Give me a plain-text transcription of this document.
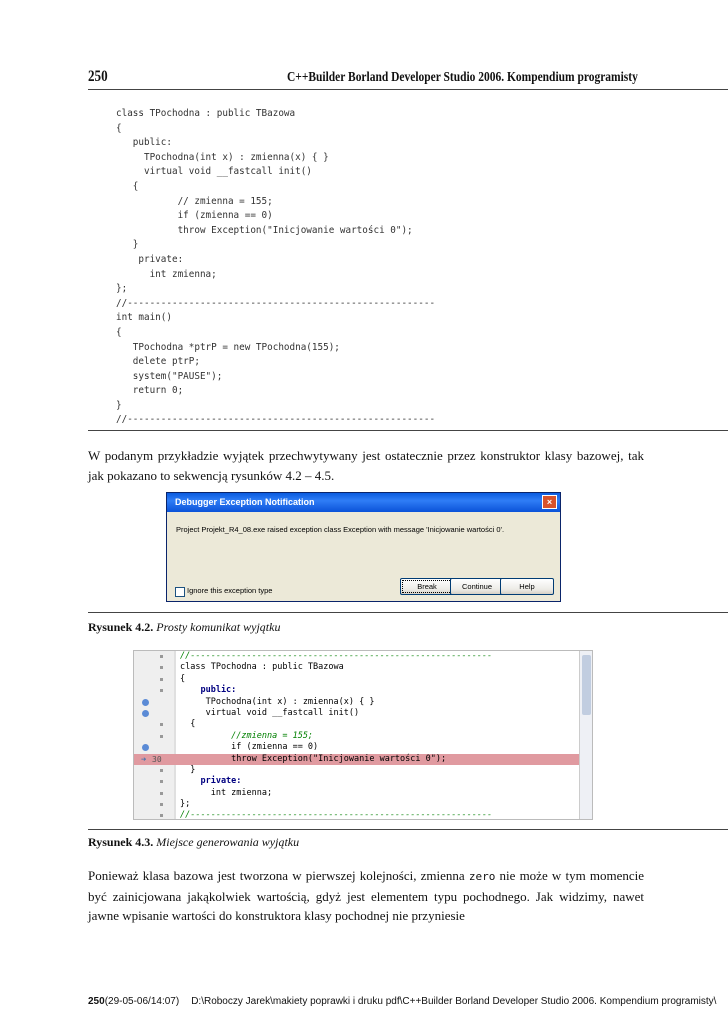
250	C++Builder Borland Developer Studio 2006. Kompendium programisty
class TPochodna : public TBazowa
{
public:
TPochodna(int x) : zmienna(x) { }
virtual void __fastcall init()
{
// zmienna = 155;
if (zmienna == 0)
throw Exception("Inicjowanie wartości 0");
}
private:
int zmienna;
};
//-------------------------------------------------------
int main()
{
TPochodna *ptrP = new TPochodna(155);
delete ptrP;
system("PAUSE");
return 0;
}
//-------------------------------------------------------

W podanym przykładzie wyjątek przechwytywany jest ostatecznie przez konstruktor klasy bazowej, tak jak pokazano to sekwencją rysunków 4.2 – 4.5.

Debugger Exception Notification	×
Project Projekt_R4_08.exe raised exception class Exception with message 'Inicjowanie wartości 0'.
Ignore this exception type	Break	Continue	Help
Rysunek 4.2. Prosty komunikat wyjątku
//-----------------------------------------------------------
class TPochodna : public TBazowa
{
public:
TPochodna(int x) : zmienna(x) { }
virtual void __fastcall init()
{
//zmienna = 155;
if (zmienna == 0)
30
➔	throw Exception("Inicjowanie wartości 0");
}
private:
int zmienna;
};
//-----------------------------------------------------------
Rysunek 4.3. Miejsce generowania wyjątku

Ponieważ klasa bazowa jest tworzona w pierwszej kolejności, zmienna zero nie może w tym momencie być zainicjowana jakąkolwiek wartością, gdyż jest elementem typu pochodnego. Jak widzimy, nawet jawne wpisanie wartości do konstruktora klasy pochodnej nie przyniesie

250(29-05-06/14:07) D:\Roboczy Jarek\makiety poprawki i druku pdf\C++Builder Borland Developer Studio 2006. Kompendium programisty\
